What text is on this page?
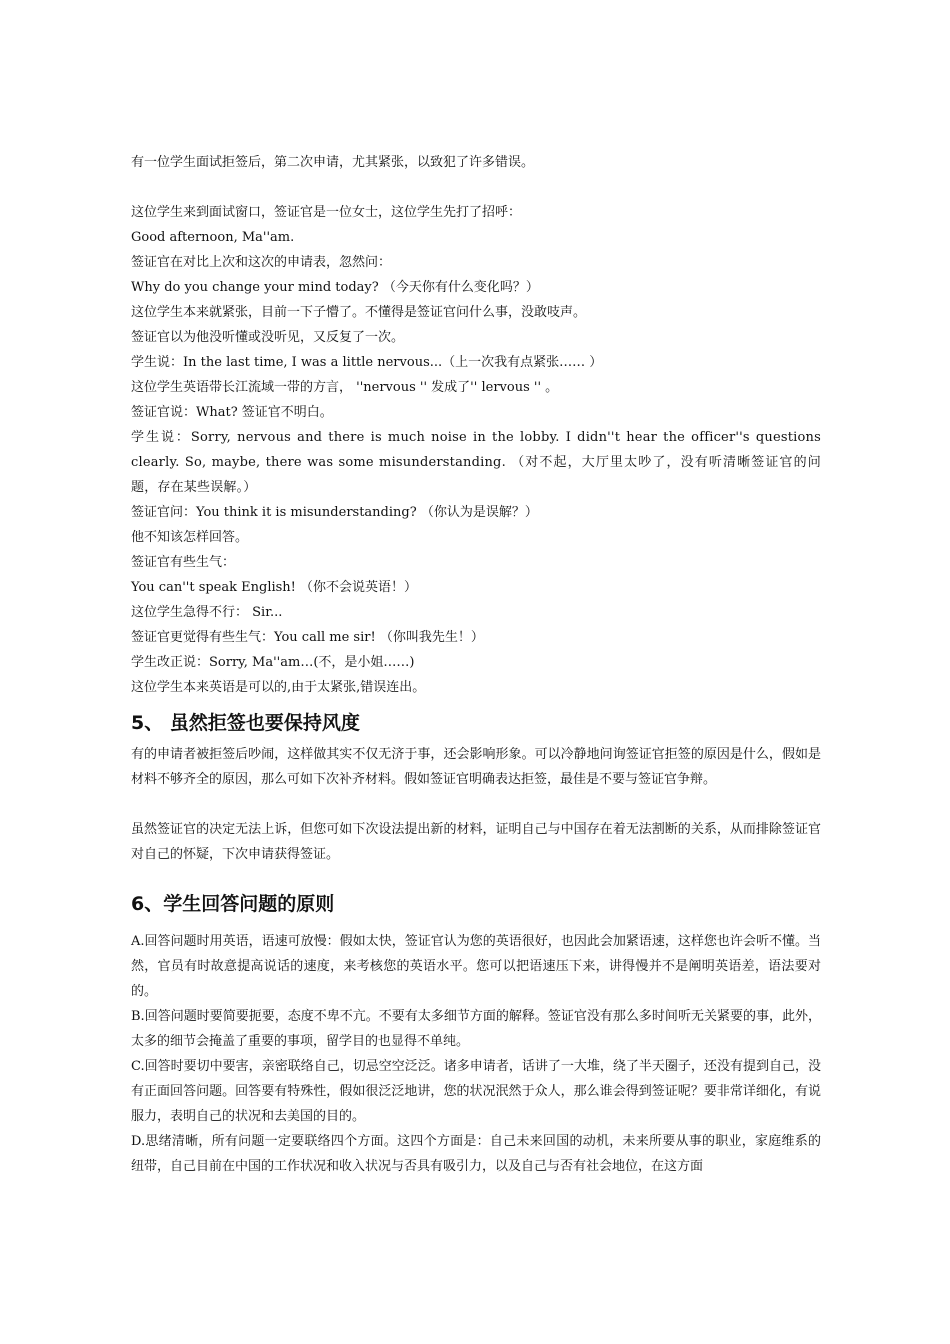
有一位学生面试拒签后，第二次申请，尤其紧张，以致犯了许多错误。

这位学生来到面试窗口，签证官是一位女士，这位学生先打了招呼：

Good afternoon, Ma''am.

签证官在对比上次和这次的申请表，忽然问：

Why do you change your mind today? （今天你有什么变化吗？）

这位学生本来就紧张，目前一下子懵了。不懂得是签证官问什么事，没敢吱声。

签证官以为他没听懂或没听见，又反复了一次。

学生说：In the last time, I was a little nervous...（上一次我有点紧张…… ）

这位学生英语带长江流域一带的方言， ''nervous '' 发成了'' lervous '' 。

签证官说：What? 签证官不明白。

学生说：Sorry, nervous and there is much noise in the lobby. I didn''t hear the officer''s questions clearly. So, maybe, there was some misunderstanding. （对不起，大厅里太吵了，没有听清晰签证官的问题，存在某些误解。）

签证官问：You think it is misunderstanding? （你认为是误解？）

他不知该怎样回答。

签证官有些生气：

You can''t speak English! （你不会说英语！）

这位学生急得不行： Sir...

签证官更觉得有些生气：You call me sir! （你叫我先生！）

学生改正说：Sorry, Ma''am…(不，是小姐……)

这位学生本来英语是可以的,由于太紧张,错误连出。

5、 虽然拒签也要保持风度

有的申请者被拒签后吵闹，这样做其实不仅无济于事，还会影响形象。可以冷静地问询签证官拒签的原因是什么，假如是材料不够齐全的原因，那么可如下次补齐材料。假如签证官明确表达拒签，最佳是不要与签证官争辩。

虽然签证官的决定无法上诉，但您可如下次设法提出新的材料，证明自己与中国存在着无法割断的关系，从而排除签证官对自己的怀疑，下次申请获得签证。

6、学生回答问题的原则

A.回答问题时用英语，语速可放慢：假如太快，签证官认为您的英语很好，也因此会加紧语速，这样您也许会听不懂。当然，官员有时故意提高说话的速度，来考核您的英语水平。您可以把语速压下来，讲得慢并不是阐明英语差，语法要对的。

B.回答问题时要简要扼要，态度不卑不亢。不要有太多细节方面的解释。签证官没有那么多时间听无关紧要的事，此外，太多的细节会掩盖了重要的事项，留学目的也显得不单纯。

C.回答时要切中要害，亲密联络自己，切忌空空泛泛。诸多申请者，话讲了一大堆，绕了半天圈子，还没有提到自己，没有正面回答问题。回答要有特殊性，假如很泛泛地讲，您的状况泯然于众人，那么谁会得到签证呢？要非常详细化，有说服力，表明自己的状况和去美国的目的。

D.思绪清晰，所有问题一定要联络四个方面。这四个方面是：自己未来回国的动机，未来所要从事的职业，家庭维系的纽带，自己目前在中国的工作状况和收入状况与否具有吸引力，以及自己与否有社会地位，在这方面
